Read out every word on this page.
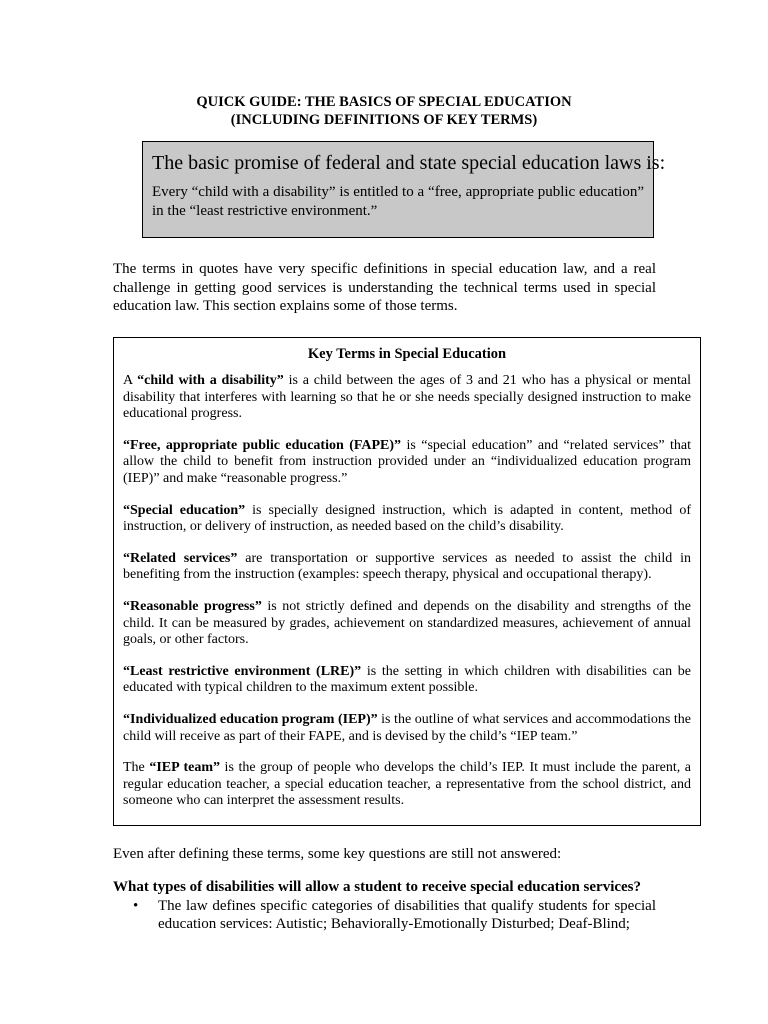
QUICK GUIDE: THE BASICS OF SPECIAL EDUCATION
(INCLUDING DEFINITIONS OF KEY TERMS)
The basic promise of federal and state special education laws is:
Every “child with a disability” is entitled to a “free, appropriate public education” in the “least restrictive environment.”
The terms in quotes have very specific definitions in special education law, and a real challenge in getting good services is understanding the technical terms used in special education law. This section explains some of those terms.
Key Terms in Special Education

A “child with a disability” is a child between the ages of 3 and 21 who has a physical or mental disability that interferes with learning so that he or she needs specially designed instruction to make educational progress.

“Free, appropriate public education (FAPE)” is “special education” and “related services” that allow the child to benefit from instruction provided under an “individualized education program (IEP)” and make “reasonable progress.”

“Special education” is specially designed instruction, which is adapted in content, method of instruction, or delivery of instruction, as needed based on the child’s disability.

“Related services” are transportation or supportive services as needed to assist the child in benefiting from the instruction (examples: speech therapy, physical and occupational therapy).

“Reasonable progress” is not strictly defined and depends on the disability and strengths of the child. It can be measured by grades, achievement on standardized measures, achievement of annual goals, or other factors.

“Least restrictive environment (LRE)” is the setting in which children with disabilities can be educated with typical children to the maximum extent possible.

“Individualized education program (IEP)” is the outline of what services and accommodations the child will receive as part of their FAPE, and is devised by the child’s “IEP team.”

The “IEP team” is the group of people who develops the child’s IEP. It must include the parent, a regular education teacher, a special education teacher, a representative from the school district, and someone who can interpret the assessment results.

Even after defining these terms, some key questions are still not answered:
What types of disabilities will allow a student to receive special education services?
• The law defines specific categories of disabilities that qualify students for special education services: Autistic; Behaviorally-Emotionally Disturbed; Deaf-Blind;
